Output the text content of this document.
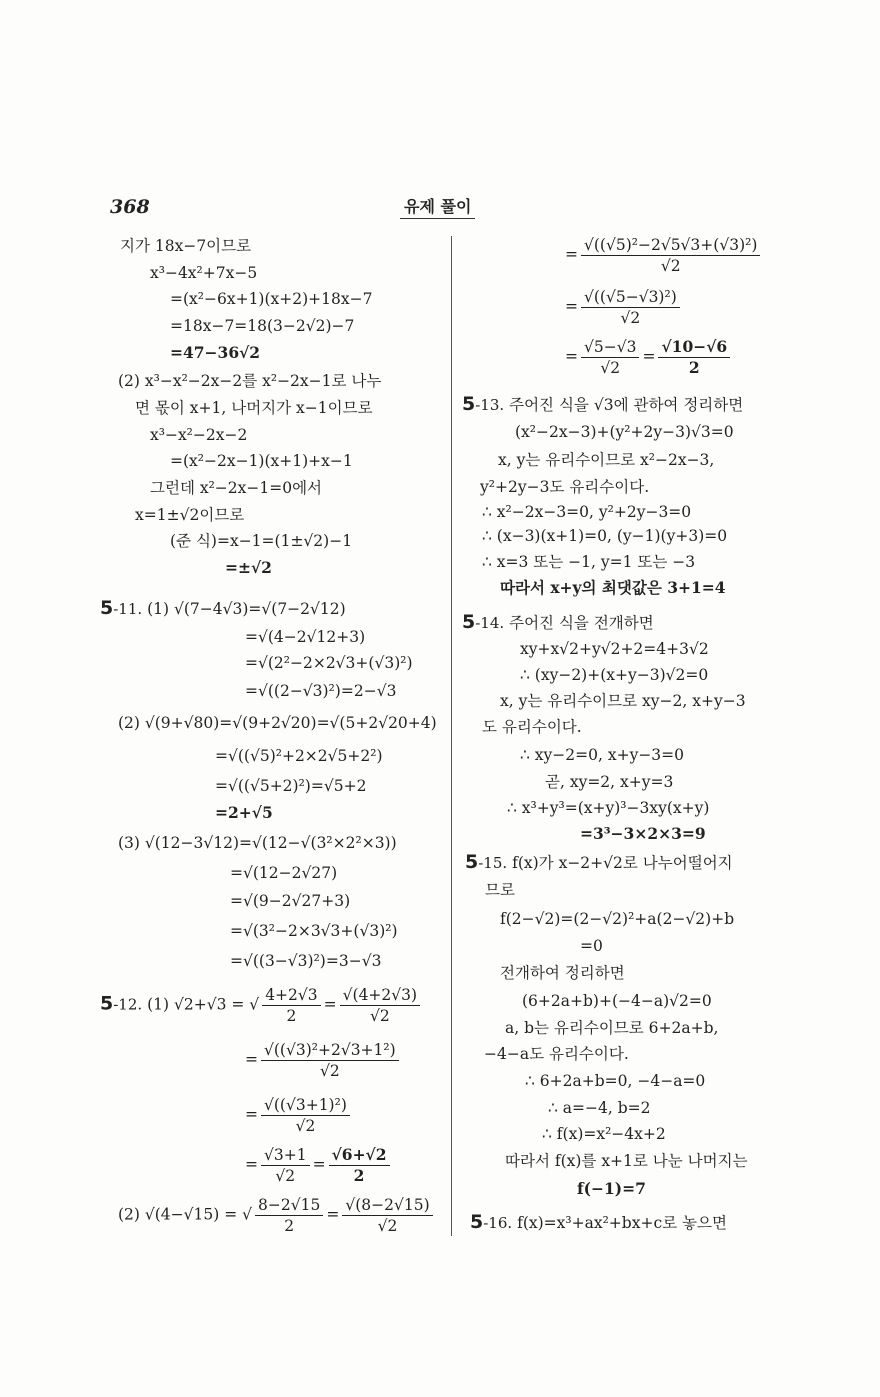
368	유제 풀이
지가 18x−7이므로
x³−4x²+7x−5
=(x²−6x+1)(x+2)+18x−7
=18x−7=18(3−2√2)−7
=47−36√2
(2) x³−x²−2x−2를 x²−2x−1로 나누
면 몫이 x+1, 나머지가 x−1이므로
x³−x²−2x−2
=(x²−2x−1)(x+1)+x−1
그런데 x²−2x−1=0에서
x=1±√2이므로
(준 식)=x−1=(1±√2)−1
=±√2
5-11. (1) √(7−4√3)=√(7−2√12)
=√(4−2√12+3)
=√(2²−2×2√3+(√3)²)
=√((2−√3)²)=2−√3
(2) √(9+√80)=√(9+2√20)=√(5+2√20+4)
=√((√5)²+2×2√5+2²)
=√((√5+2)²)=√5+2
=2+√5
(3) √(12−3√12)=√(12−√(3²×2²×3))
=√(12−2√27)
=√(9−2√27+3)
=√(3²−2×3√3+(√3)²)
=√((3−√3)²)=3−√3
5-12. (1) √2+√3 = √ $\frac{4+2√3}{2} = \frac{√(4+2√3)}{√2}$
= $\frac{\text{√((√3)²+2√3+1²)}}{√2}$
= $\frac{\text{√((√3+1)²)}}{√2}$
= $\frac{√3+1}{√2} = \frac{√6+√2}{2}$
(2) √(4−√15) = √ $\frac{8-2√15}{2} = \frac{√(8-2√15)}{√2}$
= $\frac{\text{√((√5)²−2√5√3+(√3)²)}}{√2}$
= $\frac{\text{√((√5−√3)²)}}{√2}$
= $\frac{√5-√3}{√2} = \frac{√10-√6}{2}$
5-13. 주어진 식을 √3에 관하여 정리하면
(x²−2x−3)+(y²+2y−3)√3=0
x, y는 유리수이므로 x²−2x−3,
y²+2y−3도 유리수이다.
∴ x²−2x−3=0, y²+2y−3=0
∴ (x−3)(x+1)=0, (y−1)(y+3)=0
∴ x=3 또는 −1, y=1 또는 −3
따라서 x+y의 최댓값은 3+1=4
5-14. 주어진 식을 전개하면
xy+x√2+y√2+2=4+3√2
∴ (xy−2)+(x+y−3)√2=0
x, y는 유리수이므로 xy−2, x+y−3
도 유리수이다.
∴ xy−2=0, x+y−3=0
곧, xy=2, x+y=3
∴ x³+y³=(x+y)³−3xy(x+y)
=3³−3×2×3=9
5-15. f(x)가 x−2+√2로 나누어떨어지
므로
f(2−√2)=(2−√2)²+a(2−√2)+b
=0
전개하여 정리하면
(6+2a+b)+(−4−a)√2=0
a, b는 유리수이므로 6+2a+b,
−4−a도 유리수이다.
∴ 6+2a+b=0, −4−a=0
∴ a=−4, b=2
∴ f(x)=x²−4x+2
따라서 f(x)를 x+1로 나눈 나머지는
f(−1)=7
5-16. f(x)=x³+ax²+bx+c로 놓으면
